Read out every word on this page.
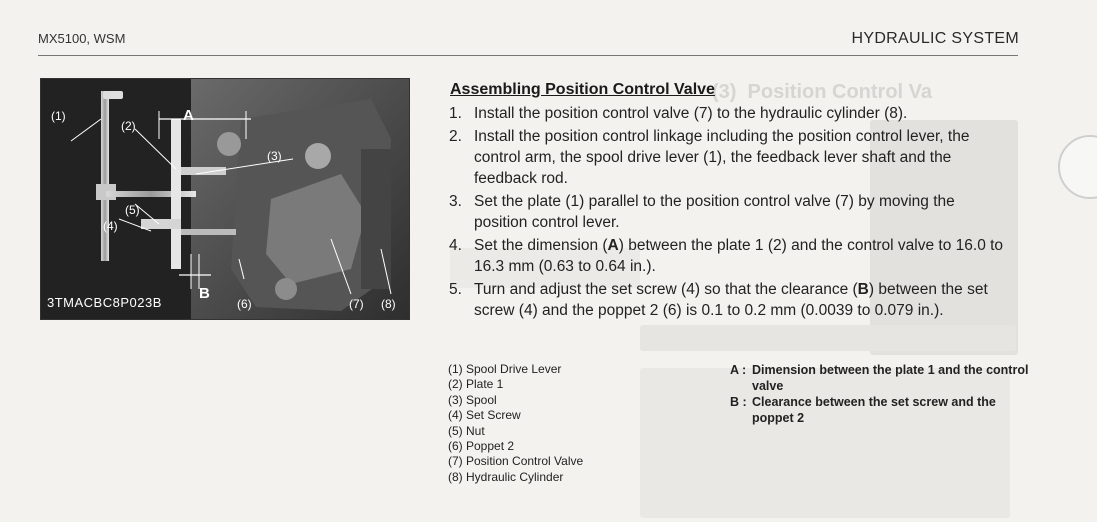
(3)  Position Control Va
MX5100, WSM	HYDRAULIC SYSTEM
(1)
(2)
(3)
(4)
(5)
(6)	(7) (8)
A
B
3TMACBC8P023B
Assembling Position Control Valve
1. Install the position control valve (7) to the hydraulic cylinder (8).
2. Install the position control linkage including the position control lever, the control arm, the spool drive lever (1), the feedback lever shaft and the feedback rod.
3. Set the plate (1) parallel to the position control valve (7) by moving the position control lever.
4. Set the dimension (A) between the plate 1 (2) and the control valve to 16.0 to 16.3 mm (0.63 to 0.64 in.).
5. Turn and adjust the set screw (4) so that the clearance (B) between the set screw (4) and the poppet 2 (6) is 0.1 to 0.2 mm (0.0039 to 0.079 in.).
(1) Spool Drive Lever
(2) Plate 1
(3) Spool
(4) Set Screw
(5) Nut
(6) Poppet 2
(7) Position Control Valve
(8) Hydraulic Cylinder
A : Dimension between the plate 1 and the control valve
B : Clearance between the set screw and the poppet 2
